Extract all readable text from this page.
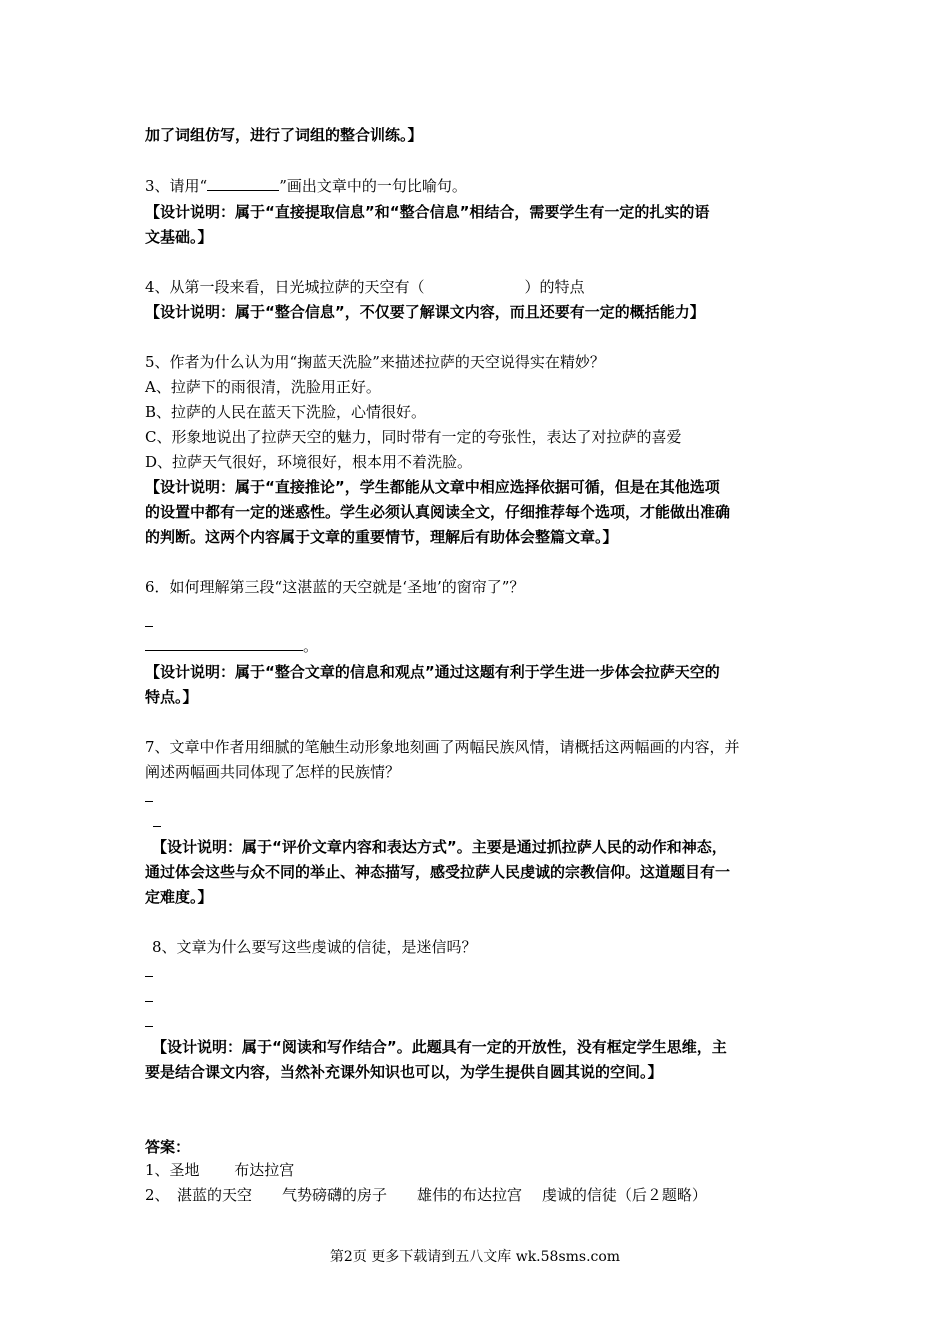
加了词组仿写，进行了词组的整合训练。】
3、请用“	”画出文章中的一句比喻句。
【设计说明：属于“直接提取信息”和“整合信息”相结合，需要学生有一定的扎实的语
文基础。】
4、从第一段来看，日光城拉萨的天空有（	）的特点
【设计说明：属于“整合信息”，不仅要了解课文内容，而且还要有一定的概括能力】
5、作者为什么认为用“掬蓝天洗脸”来描述拉萨的天空说得实在精妙？
A、拉萨下的雨很清，洗脸用正好。
B、拉萨的人民在蓝天下洗脸，心情很好。
C、形象地说出了拉萨天空的魅力，同时带有一定的夸张性，表达了对拉萨的喜爱
D、拉萨天气很好，环境很好，根本用不着洗脸。
【设计说明：属于“直接推论”，学生都能从文章中相应选择依据可循，但是在其他选项
的设置中都有一定的迷惑性。学生必须认真阅读全文，仔细推荐每个选项，才能做出准确
的判断。这两个内容属于文章的重要情节，理解后有助体会整篇文章。】
6．如何理解第三段“这湛蓝的天空就是‘圣地’的窗帘了”？
。
【设计说明：属于“整合文章的信息和观点”通过这题有利于学生进一步体会拉萨天空的
特点。】
7、文章中作者用细腻的笔触生动形象地刻画了两幅民族风情，请概括这两幅画的内容，并
阐述两幅画共同体现了怎样的民族情？
【设计说明：属于“评价文章内容和表达方式”。主要是通过抓拉萨人民的动作和神态，
通过体会这些与众不同的举止、神态描写，感受拉萨人民虔诚的宗教信仰。这道题目有一
定难度。】
8、文章为什么要写这些虔诚的信徒，是迷信吗？
【设计说明：属于“阅读和写作结合”。此题具有一定的开放性，没有框定学生思维，主
要是结合课文内容，当然补充课外知识也可以，为学生提供自圆其说的空间。】
答案：
1、圣地　　 布达拉宫
2、　湛蓝的天空　　气势磅礴的房子　　雄伟的布达拉宫　 虔诚的信徒（后２题略）
第2页 更多下载请到五八文库 wk.58sms.com
